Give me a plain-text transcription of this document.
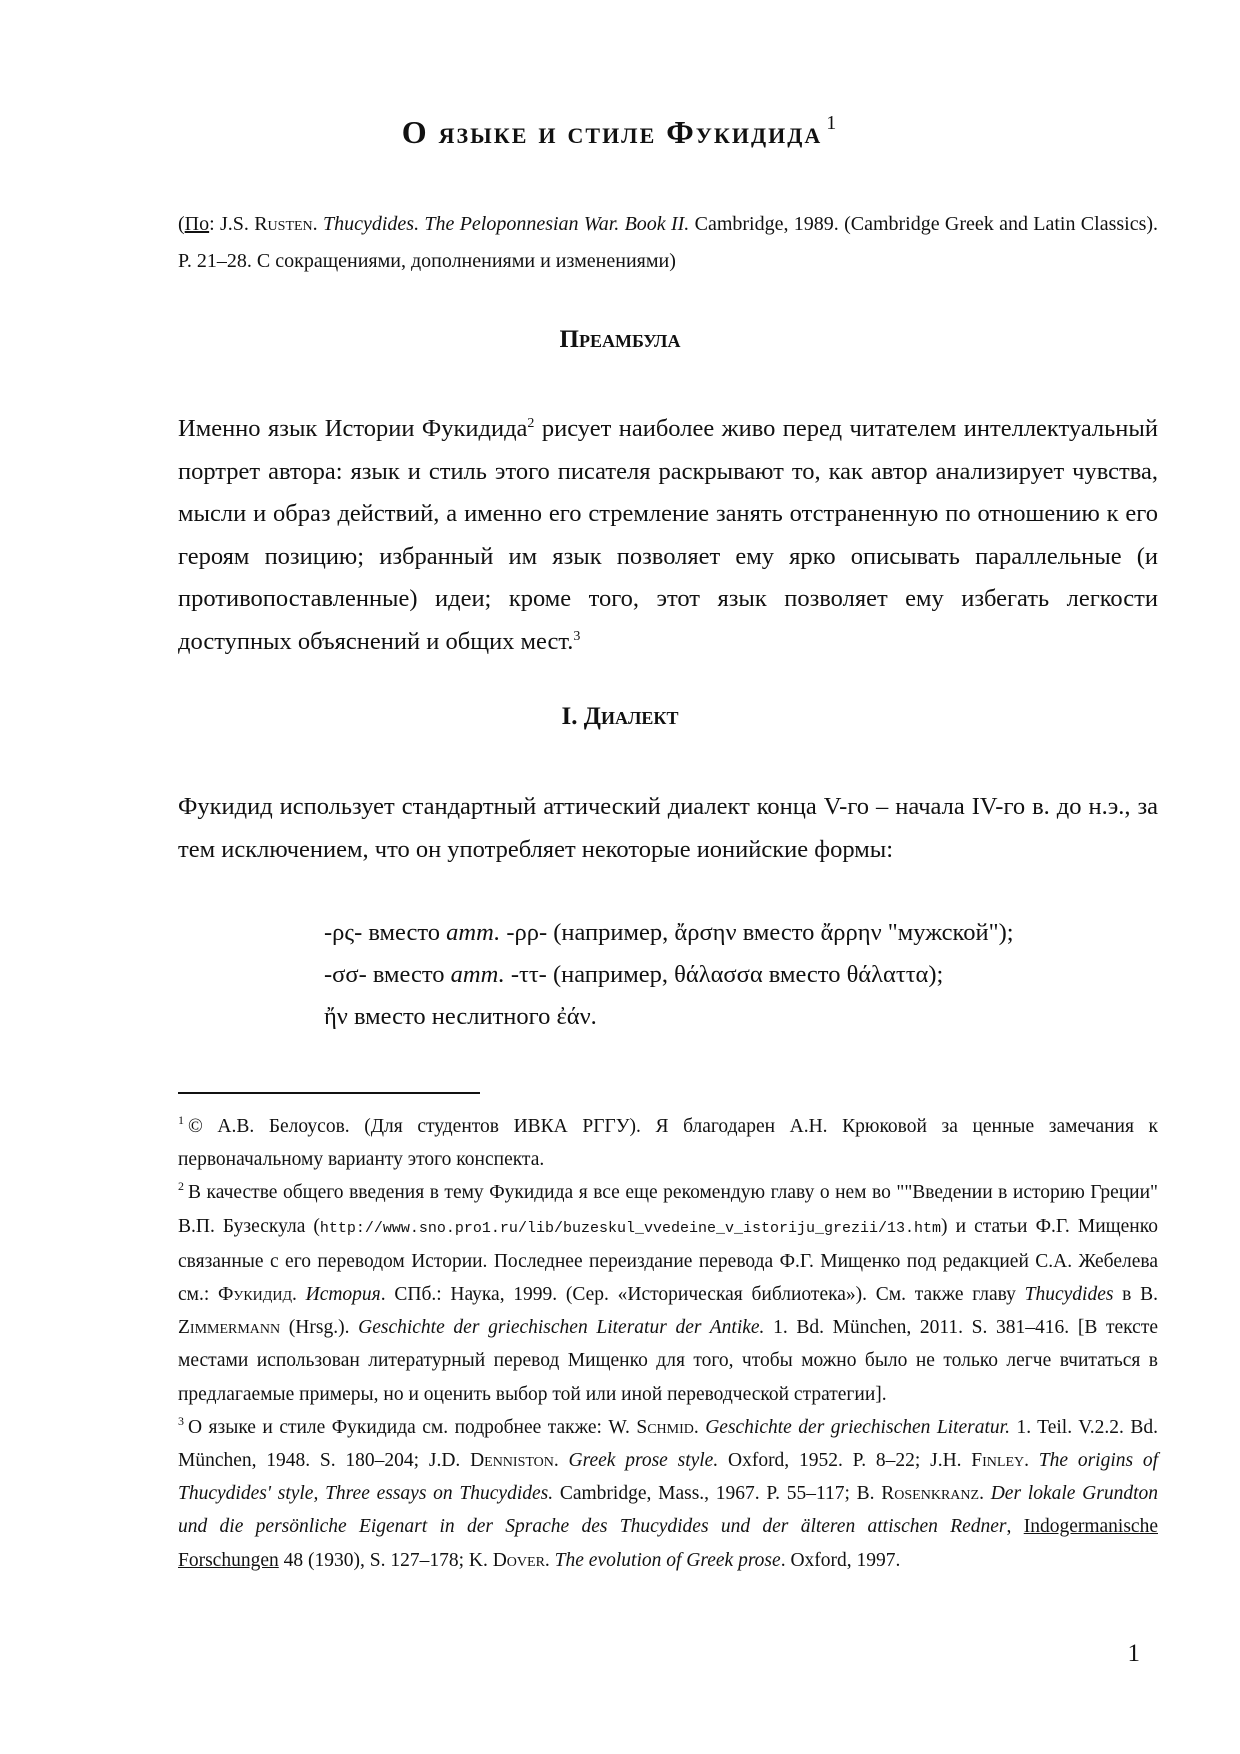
О языке и стиле Фукидида $^1$
(По: J.S. Rusten. Thucydides. The Peloponnesian War. Book II. Cambridge, 1989. (Cambridge Greek and Latin Classics). P. 21–28. С сокращениями, дополнениями и изменениями)
Преамбула
Именно язык Истории Фукидида$^2$ рисует наиболее живо перед читателем интеллектуальный портрет автора: язык и стиль этого писателя раскрывают то, как автор анализирует чувства, мысли и образ действий, а именно его стремление занять отстраненную по отношению к его героям позицию; избранный им язык позволяет ему ярко описывать параллельные (и противопоставленные) идеи; кроме того, этот язык позволяет ему избегать легкости доступных объяснений и общих мест.$^3$
I. Диалект
Фукидид использует стандартный аттический диалект конца V-го – начала IV-го в. до н.э., за тем исключением, что он употребляет некоторые ионийские формы:
-ρς- вместо атт. -ρρ- (например, ἄρσην вместо ἄρρην "мужской");
-σσ- вместо атт. -ττ- (например, θάλασσα вместо θάλαττα);
ἤν вместо неслитного ἐάν.

$^1$ © А.В. Белоусов. (Для студентов ИВКА РГГУ). Я благодарен А.Н. Крюковой за ценные замечания к первоначальному варианту этого конспекта.

$^2$ В качестве общего введения в тему Фукидида я все еще рекомендую главу о нем во ""Введении в историю Греции" В.П. Бузескула (http://www.sno.pro1.ru/lib/buzeskul_vvedeine_v_istoriju_grezii/13.htm) и статьи Ф.Г. Мищенко связанные с его переводом Истории. Последнее переиздание перевода Ф.Г. Мищенко под редакцией С.А. Жебелева см.: Фукидид. История. СПб.: Наука, 1999. (Сер. «Историческая библиотека»). См. также главу Thucydides в B. Zimmermann (Hrsg.). Geschichte der griechischen Literatur der Antike. 1. Bd. München, 2011. S. 381–416. [В тексте местами использован литературный перевод Мищенко для того, чтобы можно было не только легче вчитаться в предлагаемые примеры, но и оценить выбор той или иной переводческой стратегии].

$^3$ О языке и стиле Фукидида см. подробнее также: W. Schmid. Geschichte der griechischen Literatur. 1. Teil. V.2.2. Bd. München, 1948. S. 180–204; J.D. Denniston. Greek prose style. Oxford, 1952. P. 8–22; J.H. Finley. The origins of Thucydides' style, Three essays on Thucydides. Cambridge, Mass., 1967. P. 55–117; B. Rosenkranz. Der lokale Grundton und die persönliche Eigenart in der Sprache des Thucydides und der älteren attischen Redner, Indogermanische Forschungen 48 (1930), S. 127–178; K. Dover. The evolution of Greek prose. Oxford, 1997.

1
